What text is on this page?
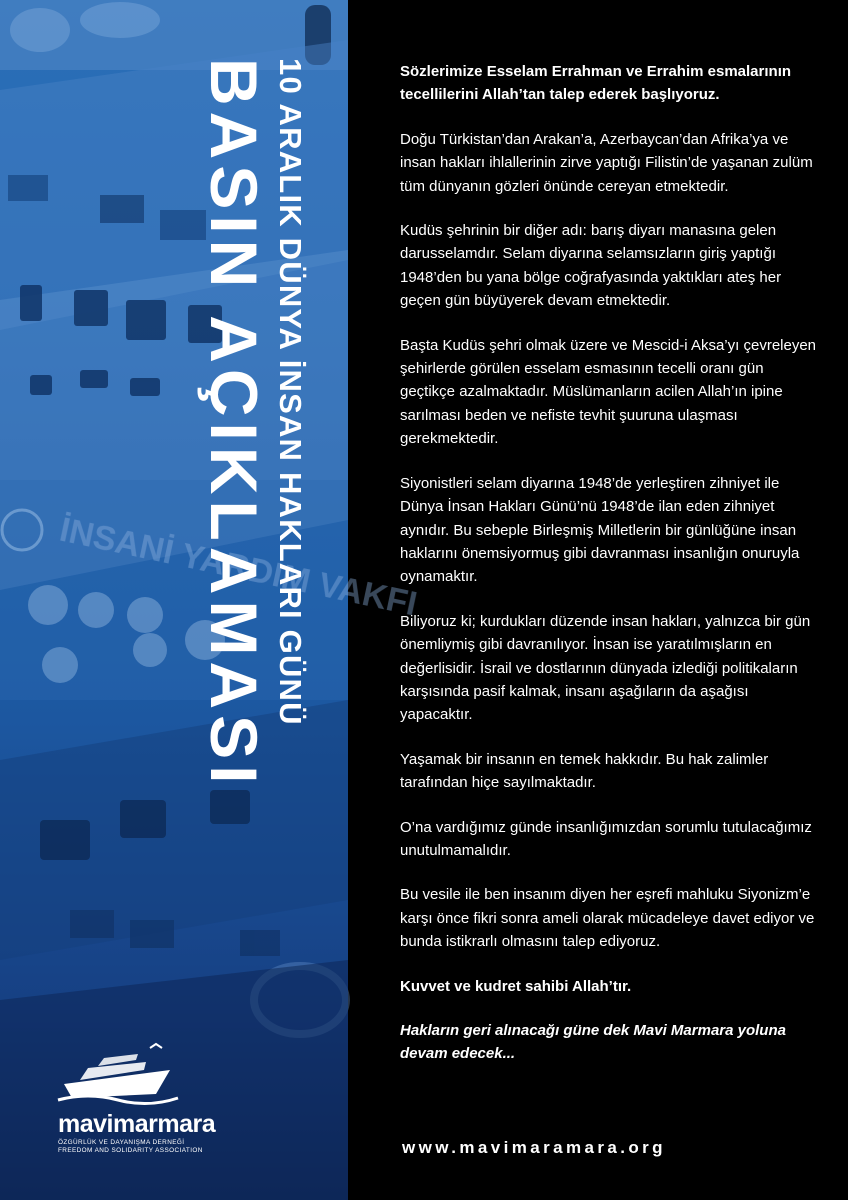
İNSANİ YARDIM VAKFI
10 ARALIK DÜNYA İNSAN HAKLARI GÜNÜ
BASIN AÇIKLAMASI
mavimarmara
ÖZGÜRLÜK VE DAYANIŞMA DERNEĞİ
FREEDOM AND SOLIDARITY ASSOCIATION

Sözlerimize Esselam Errahman ve Errahim esmalarının tecellilerini Allah’tan talep ederek başlıyoruz.

Doğu Türkistan’dan Arakan’a, Azerbaycan’dan Afrika’ya ve insan hakları ihlallerinin zirve yaptığı Filistin’de yaşanan zulüm tüm dünyanın gözleri önünde cereyan etmektedir.

Kudüs şehrinin bir diğer adı: barış diyarı manasına gelen darusselamdır. Selam diyarına selamsızların giriş yaptığı 1948’den bu yana bölge coğrafyasında yaktıkları ateş her geçen gün büyüyerek devam etmektedir.

Başta Kudüs şehri olmak üzere ve Mescid-i Aksa’yı çevreleyen şehirlerde görülen esselam esmasının tecelli oranı gün geçtikçe azalmaktadır. Müslümanların acilen Allah’ın ipine sarılması beden ve nefiste tevhit şuuruna ulaşması gerekmektedir.

Siyonistleri selam diyarına 1948’de yerleştiren zihniyet ile Dünya İnsan Hakları Günü’nü 1948’de ilan eden zihniyet aynıdır. Bu sebeple Birleşmiş Milletlerin bir günlüğüne insan haklarını önemsiyormuş gibi davranması insanlığın onuruyla oynamaktır.

Biliyoruz ki; kurdukları düzende insan hakları, yalnızca bir gün önemliymiş gibi davranılıyor. İnsan ise yaratılmışların en değerlisidir. İsrail ve dostlarının dünyada izlediği politikaların karşısında pasif kalmak, insanı aşağıların da aşağısı yapacaktır.

Yaşamak bir insanın en temek hakkıdır. Bu hak zalimler tarafından hiçe sayılmaktadır.

O’na vardığımız günde insanlığımızdan sorumlu tutulacağımız unutulmamalıdır.

Bu vesile ile ben insanım diyen her eşrefi mahluku Siyonizm’e karşı önce fikri sonra ameli olarak mücadeleye davet ediyor ve bunda istikrarlı olmasını talep ediyoruz.

Kuvvet ve kudret sahibi Allah’tır.

Hakların geri alınacağı güne dek Mavi Marmara yoluna devam edecek...

www.mavimaramara.org
